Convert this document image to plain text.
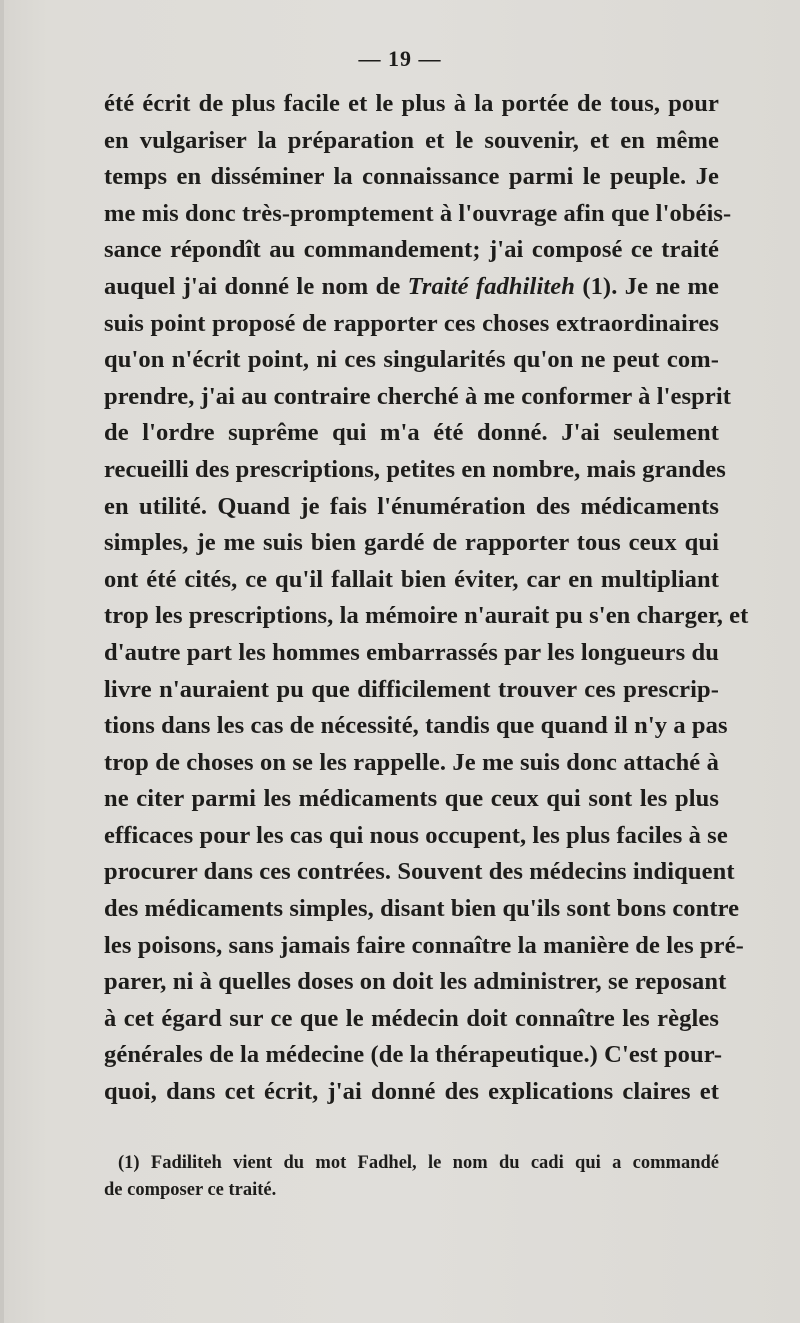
— 19 —
été écrit de plus facile et le plus à la portée de tous, pour
en vulgariser la préparation et le souvenir, et en même
temps en disséminer la connaissance parmi le peuple. Je
me mis donc très-promptement à l'ouvrage afin que l'obéis-
sance répondît au commandement; j'ai composé ce traité
auquel j'ai donné le nom de Traité fadhiliteh (1). Je ne me
suis point proposé de rapporter ces choses extraordinaires
qu'on n'écrit point, ni ces singularités qu'on ne peut com-
prendre, j'ai au contraire cherché à me conformer à l'esprit
de l'ordre suprême qui m'a été donné. J'ai seulement
recueilli des prescriptions, petites en nombre, mais grandes
en utilité. Quand je fais l'énumération des médicaments
simples, je me suis bien gardé de rapporter tous ceux qui
ont été cités, ce qu'il fallait bien éviter, car en multipliant
trop les prescriptions, la mémoire n'aurait pu s'en charger, et
d'autre part les hommes embarrassés par les longueurs du
livre n'auraient pu que difficilement trouver ces prescrip-
tions dans les cas de nécessité, tandis que quand il n'y a pas
trop de choses on se les rappelle. Je me suis donc attaché à
ne citer parmi les médicaments que ceux qui sont les plus
efficaces pour les cas qui nous occupent, les plus faciles à se
procurer dans ces contrées. Souvent des médecins indiquent
des médicaments simples, disant bien qu'ils sont bons contre
les poisons, sans jamais faire connaître la manière de les pré-
parer, ni à quelles doses on doit les administrer, se reposant
à cet égard sur ce que le médecin doit connaître les règles
générales de la médecine (de la thérapeutique.) C'est pour-
quoi, dans cet écrit, j'ai donné des explications claires et
(1) Fadiliteh vient du mot Fadhel, le nom du cadi qui a commandé
de composer ce traité.
